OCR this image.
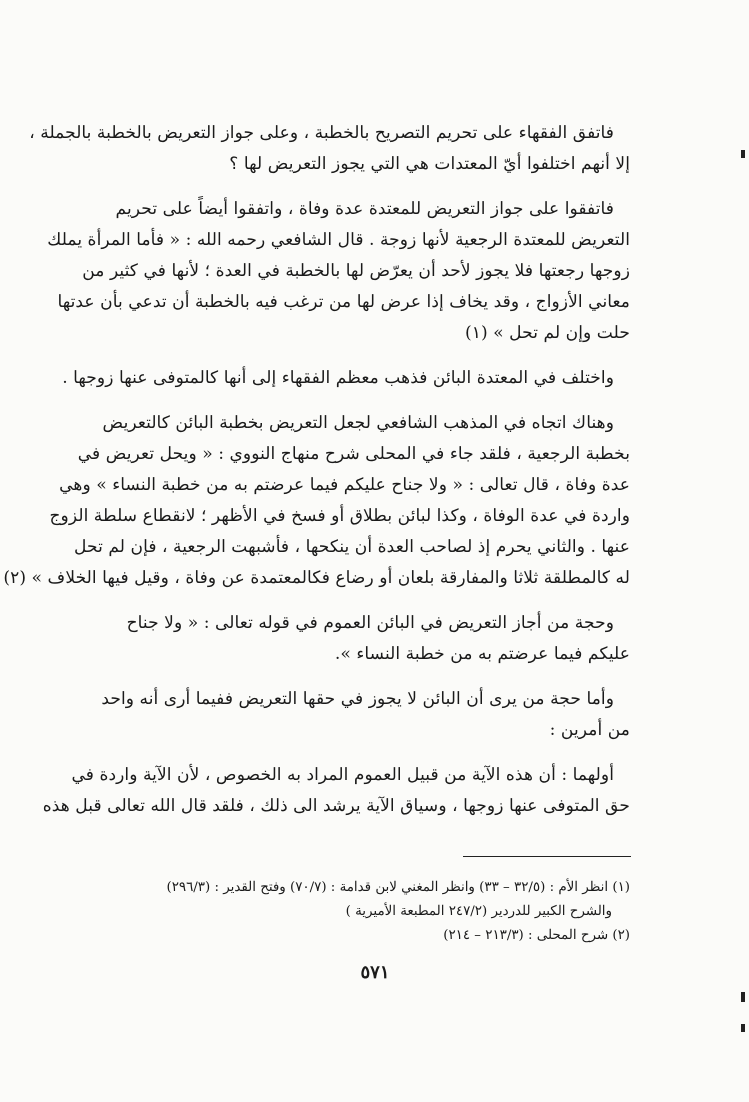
فاتفق الفقهاء على تحريم التصريح بالخطبة ، وعلى جواز التعريض بالخطبة بالجملة ،
إلا أنهم اختلفوا أيّ المعتدات هي التي يجوز التعريض لها ؟
فاتفقوا على جواز التعريض للمعتدة عدة وفاة ، واتفقوا أيضاً على تحريم
التعريض للمعتدة الرجعية لأنها زوجة . قال الشافعي رحمه الله : « فأما المرأة يملك
زوجها رجعتها فلا يجوز لأحد أن يعرّض لها بالخطبة في العدة ؛ لأنها في كثير من
معاني الأزواج ، وقد يخاف إذا عرض لها من ترغب فيه بالخطبة أن تدعي بأن عدتها
حلت وإن لم تحل » (١)
واختلف في المعتدة البائن فذهب معظم الفقهاء إلى أنها كالمتوفى عنها زوجها .
وهناك اتجاه في المذهب الشافعي لجعل التعريض بخطبة البائن كالتعريض
بخطبة الرجعية ، فلقد جاء في المحلى شرح منهاج النووي : « ويحل تعريض في
عدة وفاة ، قال تعالى : « ولا جناح عليكم فيما عرضتم به من خطبة النساء » وهي
واردة في عدة الوفاة ، وكذا لبائن بطلاق أو فسخ في الأظهر ؛ لانقطاع سلطة الزوج
عنها . والثاني يحرم إذ لصاحب العدة أن ينكحها ، فأشبهت الرجعية ، فإن لم تحل
له كالمطلقة ثلاثا والمفارقة بلعان أو رضاع فكالمعتمدة عن وفاة ، وقيل فيها الخلاف » (٢)
وحجة من أجاز التعريض في البائن العموم في قوله تعالى : « ولا جناح
عليكم فيما عرضتم به من خطبة النساء ».
وأما حجة من يرى أن البائن لا يجوز في حقها التعريض ففيما أرى أنه واحد
من أمرين :
أولهما : أن هذه الآية من قبيل العموم المراد به الخصوص ، لأن الآية واردة في
حق المتوفى عنها زوجها ، وسياق الآية يرشد الى ذلك ، فلقد قال الله تعالى قبل هذه
(١) انظر الأم : (٣٢/٥ – ٣٣) وانظر المغني لابن قدامة : (٧٠/٧) وفتح القدير : (٢٩٦/٣)
والشرح الكبير للدردير (٢٤٧/٢ المطبعة الأميرية )
(٢) شرح المحلى : (٢١٣/٣ – ٢١٤)
٥٧١
